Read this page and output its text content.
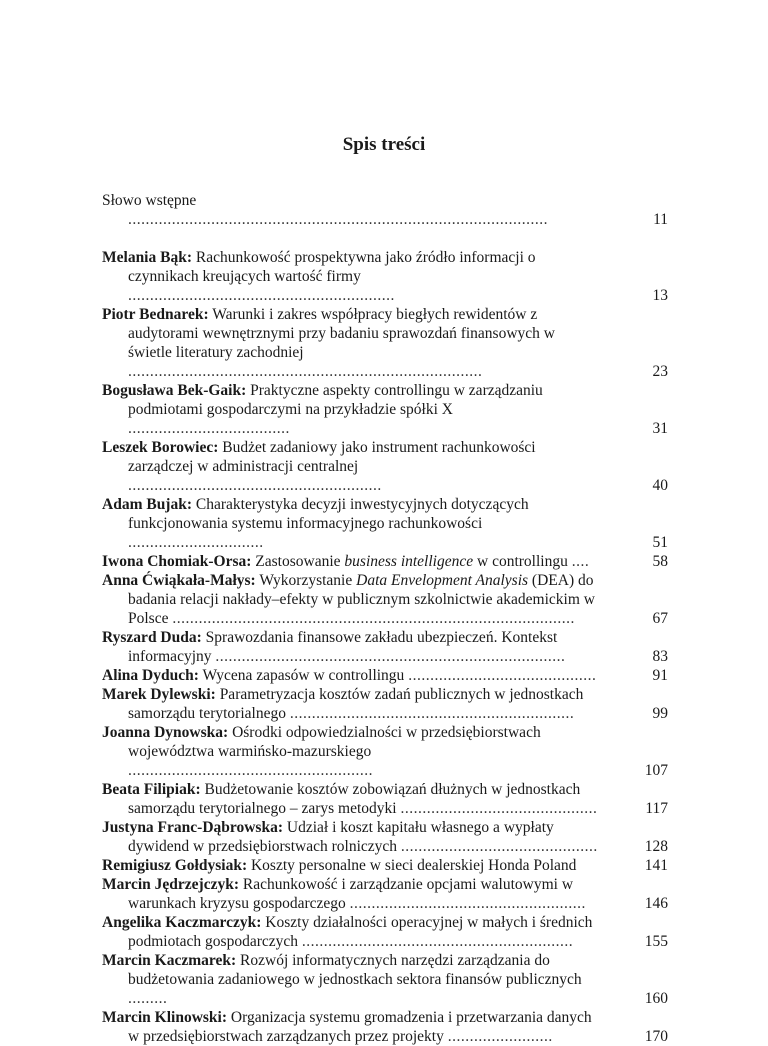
Spis treści
Słowo wstępne ................................................................................................	11
Melania Bąk: Rachunkowość prospektywna jako źródło informacji o czynnikach kreujących wartość firmy .............................................................	13
Piotr Bednarek: Warunki i zakres współpracy biegłych rewidentów z audytorami wewnętrznymi przy badaniu sprawozdań finansowych w świetle literatury zachodniej .................................................................................	23
Bogusława Bek-Gaik: Praktyczne aspekty controllingu w zarządzaniu podmiotami gospodarczymi na przykładzie spółki X .....................................	31
Leszek Borowiec: Budżet zadaniowy jako instrument rachunkowości zarządczej w administracji centralnej ..........................................................	40
Adam Bujak: Charakterystyka decyzji inwestycyjnych dotyczących funkcjonowania systemu informacyjnego rachunkowości ...............................	51
Iwona Chomiak-Orsa: Zastosowanie business intelligence w controllingu ....	58
Anna Ćwiąkała-Małys: Wykorzystanie Data Envelopment Analysis (DEA) do badania relacji nakłady–efekty w publicznym szkolnictwie akademickim w Polsce ............................................................................................	67
Ryszard Duda: Sprawozdania finansowe zakładu ubezpieczeń. Kontekst informacyjny ................................................................................	83
Alina Dyduch: Wycena zapasów w controllingu ...........................................	91
Marek Dylewski: Parametryzacja kosztów zadań publicznych w jednostkach samorządu terytorialnego .................................................................	99
Joanna Dynowska: Ośrodki odpowiedzialności w przedsiębiorstwach województwa warmińsko-mazurskiego ........................................................	107
Beata Filipiak: Budżetowanie kosztów zobowiązań dłużnych w jednostkach samorządu terytorialnego – zarys metodyki .............................................	117
Justyna Franc-Dąbrowska: Udział i koszt kapitału własnego a wypłaty dywidend w przedsiębiorstwach rolniczych .............................................	128
Remigiusz Gołdysiak: Koszty personalne w sieci dealerskiej Honda Poland	141
Marcin Jędrzejczyk: Rachunkowość i zarządzanie opcjami walutowymi w warunkach kryzysu gospodarczego ......................................................	146
Angelika Kaczmarczyk: Koszty działalności operacyjnej w małych i średnich podmiotach gospodarczych ..............................................................	155
Marcin Kaczmarek: Rozwój informatycznych narzędzi zarządzania do budżetowania zadaniowego w jednostkach sektora finansów publicznych .........	160
Marcin Klinowski: Organizacja systemu gromadzenia i przetwarzania danych w przedsiębiorstwach zarządzanych przez projekty ........................	170
